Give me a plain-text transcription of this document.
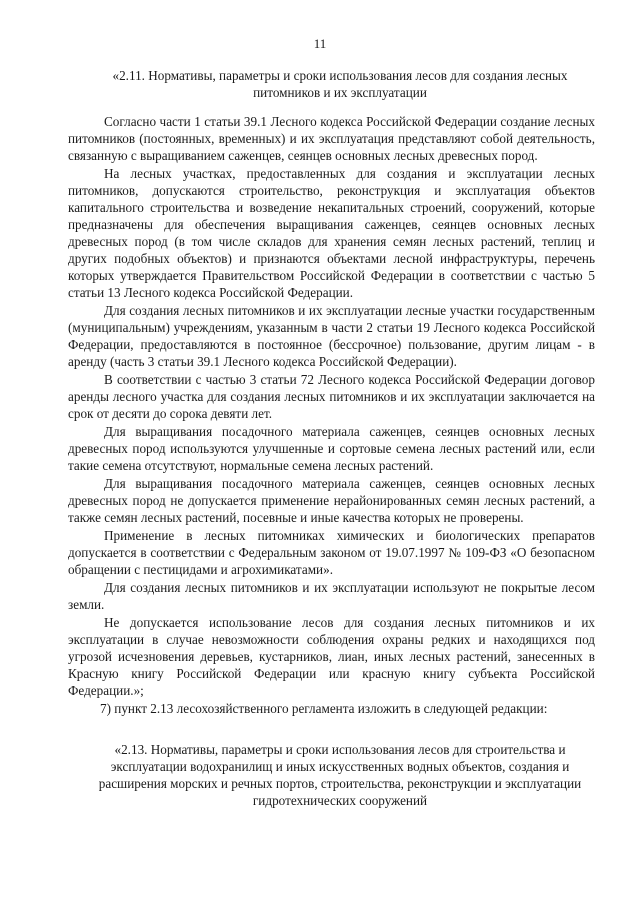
11
«2.11. Нормативы, параметры и сроки использования лесов для создания лесных питомников и их эксплуатации

Согласно части 1 статьи 39.1 Лесного кодекса Российской Федерации создание лесных питомников (постоянных, временных) и их эксплуатация представляют собой деятельность, связанную с выращиванием саженцев, сеянцев основных лесных древесных пород.

На лесных участках, предоставленных для создания и эксплуатации лесных питомников, допускаются строительство, реконструкция и эксплуатация объектов капитального строительства и возведение некапитальных строений, сооружений, которые предназначены для обеспечения выращивания саженцев, сеянцев основных лесных древесных пород (в том числе складов для хранения семян лесных растений, теплиц и других подобных объектов) и признаются объектами лесной инфраструктуры, перечень которых утверждается Правительством Российской Федерации в соответствии с частью 5 статьи 13 Лесного кодекса Российской Федерации.

Для создания лесных питомников и их эксплуатации лесные участки государственным (муниципальным) учреждениям, указанным в части 2 статьи 19 Лесного кодекса Российской Федерации, предоставляются в постоянное (бессрочное) пользование, другим лицам - в аренду (часть 3 статьи 39.1 Лесного кодекса Российской Федерации).

В соответствии с частью 3 статьи 72 Лесного кодекса Российской Федерации договор аренды лесного участка для создания лесных питомников и их эксплуатации заключается на срок от десяти до сорока девяти лет.

Для выращивания посадочного материала саженцев, сеянцев основных лесных древесных пород используются улучшенные и сортовые семена лесных растений или, если такие семена отсутствуют, нормальные семена лесных растений.

Для выращивания посадочного материала саженцев, сеянцев основных лесных древесных пород не допускается применение нерайонированных семян лесных растений, а также семян лесных растений, посевные и иные качества которых не проверены.

Применение в лесных питомниках химических и биологических препаратов допускается в соответствии с Федеральным законом от 19.07.1997 № 109-ФЗ «О безопасном обращении с пестицидами и агрохимикатами».

Для создания лесных питомников и их эксплуатации используют не покрытые лесом земли.

Не допускается использование лесов для создания лесных питомников и их эксплуатации в случае невозможности соблюдения охраны редких и находящихся под угрозой исчезновения деревьев, кустарников, лиан, иных лесных растений, занесенных в Красную книгу Российской Федерации или красную книгу субъекта Российской Федерации.»;

7) пункт 2.13 лесохозяйственного регламента изложить в следующей редакции:

«2.13. Нормативы, параметры и сроки использования лесов для строительства и эксплуатации водохранилищ и иных искусственных водных объектов, создания и расширения морских и речных портов, строительства, реконструкции и эксплуатации гидротехнических сооружений
